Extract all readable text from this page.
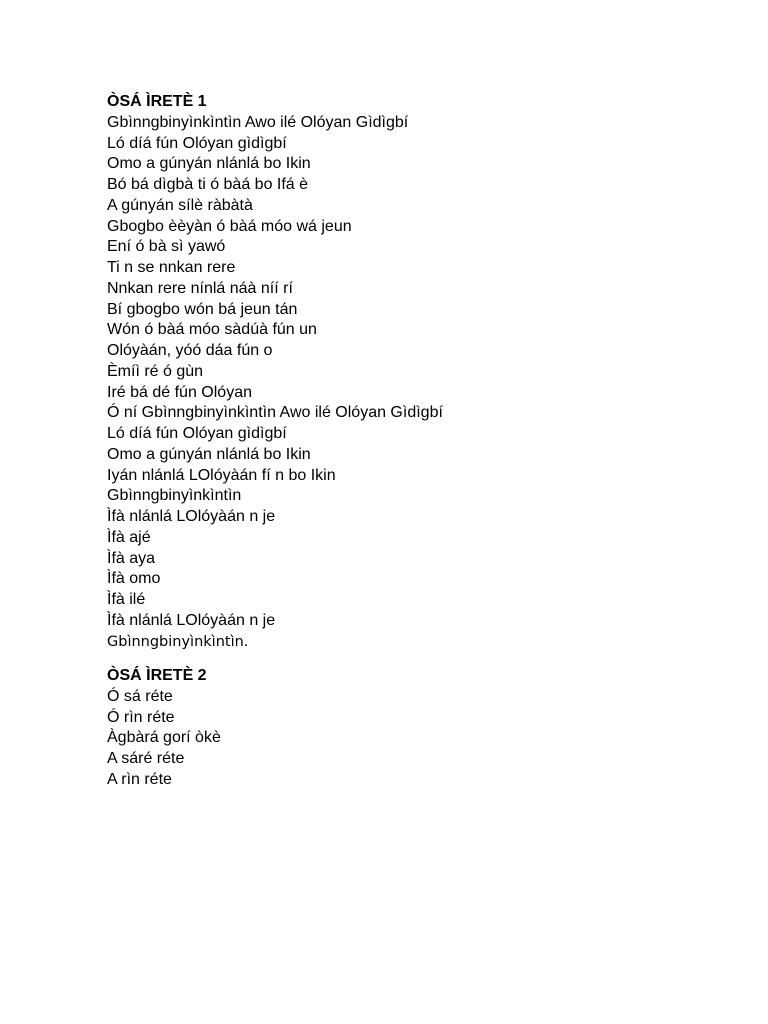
ÒSÁ ÌRETÈ 1
Gbìnngbinyìnkìntìn Awo ilé Olóyan Gìdìgbí
Ló díá fún Olóyan gìdìgbí
Omo a gúnyán nlánlá bo Ikin
Bó bá dìgbà ti ó bàá bo Ifá è
A gúnyán sílè ràbàtà
Gbogbo èèyàn ó bàá móo wá jeun
Ení ó bà sì yawó
Ti n se nnkan rere
Nnkan rere nínlá náà níí rí
Bí gbogbo wón bá jeun tán
Wón ó bàá móo sàdúà fún un
Olóyàán, yóó dáa fún o
Èmíì ré ó gùn
Iré bá dé fún Olóyan
Ó ní Gbìnngbinyìnkìntìn Awo ilé Olóyan Gìdìgbí
Ló díá fún Olóyan gìdìgbí
Omo a gúnyán nlánlá bo Ikin
Iyán nlánlá LOlóyàán fí n bo Ikin
Gbìnngbinyìnkìntìn
Ìfà nlánlá LOlóyàán n je
Ìfà ajé
Ìfà aya
Ìfà omo
Ìfà ilé
Ìfà nlánlá LOlóyàán n je
Gbìnngbinyìnkìntìn.
ÒSÁ ÌRETÈ 2
Ó sá réte
Ó rìn réte
Àgbàrá gorí òkè
A sáré réte
A rìn réte
